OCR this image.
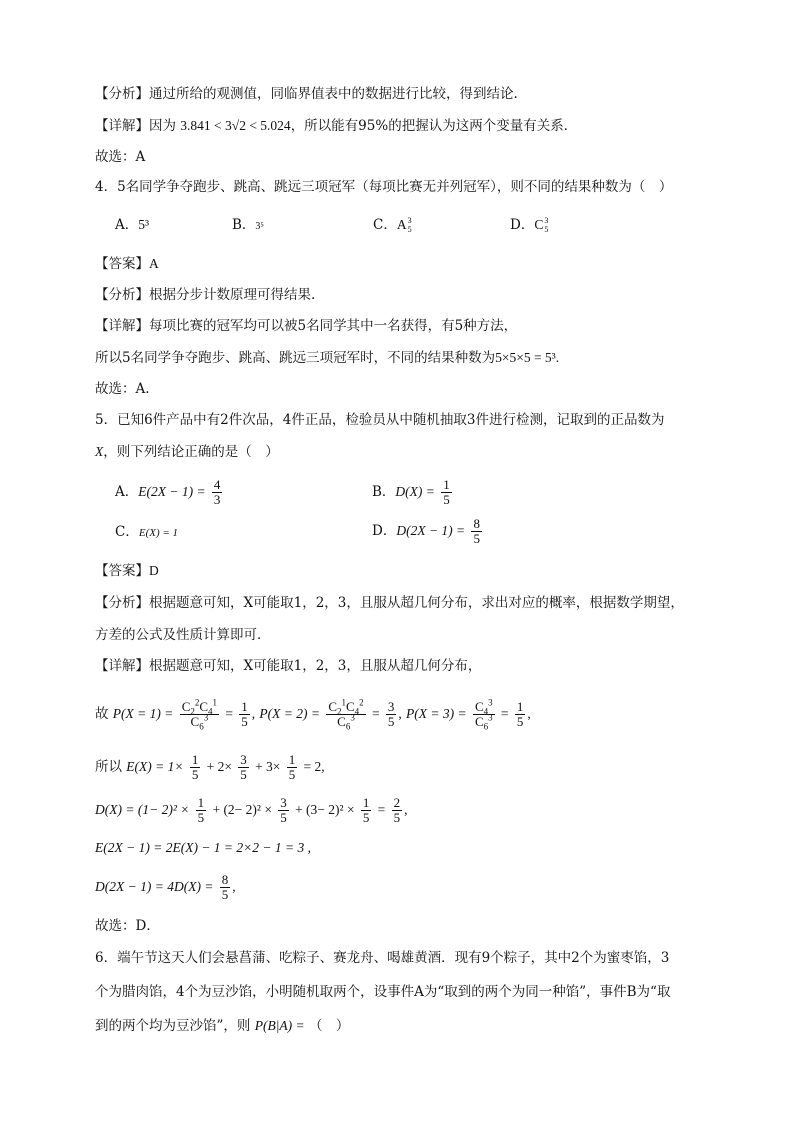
【分析】通过所给的观测值，同临界值表中的数据进行比较，得到结论.
【详解】因为 3.841 < 3√2 < 5.024，所以能有95%的把握认为这两个变量有关系．
故选：A
4．5名同学争夺跑步、跳高、跳远三项冠军（每项比赛无并列冠军），则不同的结果种数为（　）
A．5³	B．3⁵	C． A 3
5	D． C 3
5
【答案】A
【分析】根据分步计数原理可得结果.
【详解】每项比赛的冠军均可以被5名同学其中一名获得，有5种方法，
所以5名同学争夺跑步、跳高、跳远三项冠军时，不同的结果种数为5×5×5 = 5³.
故选：A.
5．已知6件产品中有2件次品，4件正品，检验员从中随机抽取3件进行检测，记取到的正品数为
X，则下列结论正确的是（　）
A．$E(2X - 1) = \frac{4}{3}$	B．$D(X) = \frac{1}{5}$
C．E(X) = 1	D．$D(2X - 1) = \frac{8}{5}$
【答案】D
【分析】根据题意可知，X可能取1，2，3，且服从超几何分布，求出对应的概率，根据数学期望，
方差的公式及性质计算即可．
【详解】根据题意可知，X可能取1，2，3，且服从超几何分布，
故 $P(X = 1) = \frac{C_2^2C_4^1}{C_6^3} = \frac{1}{5}$ , $P(X = 2) = \frac{C_2^1C_4^2}{C_6^3} = \frac{3}{5}$ , $P(X = 3) = \frac{C_4^3}{C_6^3} = \frac{1}{5}$ ,
所以 $E(X) = 1\times \frac{1}{5} + 2\times \frac{3}{5} + 3\times \frac{1}{5} = 2$,
$D(X) = (1- 2)^2 \times \frac{1}{5} + (2- 2)^2 \times \frac{3}{5} + (3- 2)^2 \times \frac{1}{5} = \frac{2}{5}$ ,
E(2X − 1) = 2E(X) − 1 = 2×2 − 1 = 3 ,
$D(2X - 1) = 4D(X) = \frac{8}{5}$ ,
故选：D．
6．端午节这天人们会悬菖蒲、吃粽子、赛龙舟、喝雄黄酒．现有9个粽子，其中2个为蜜枣馅，3
个为腊肉馅，4个为豆沙馅，小明随机取两个，设事件A为“取到的两个为同一种馅”，事件B为“取
到的两个均为豆沙馅”，则 P(B|A) = （　）
